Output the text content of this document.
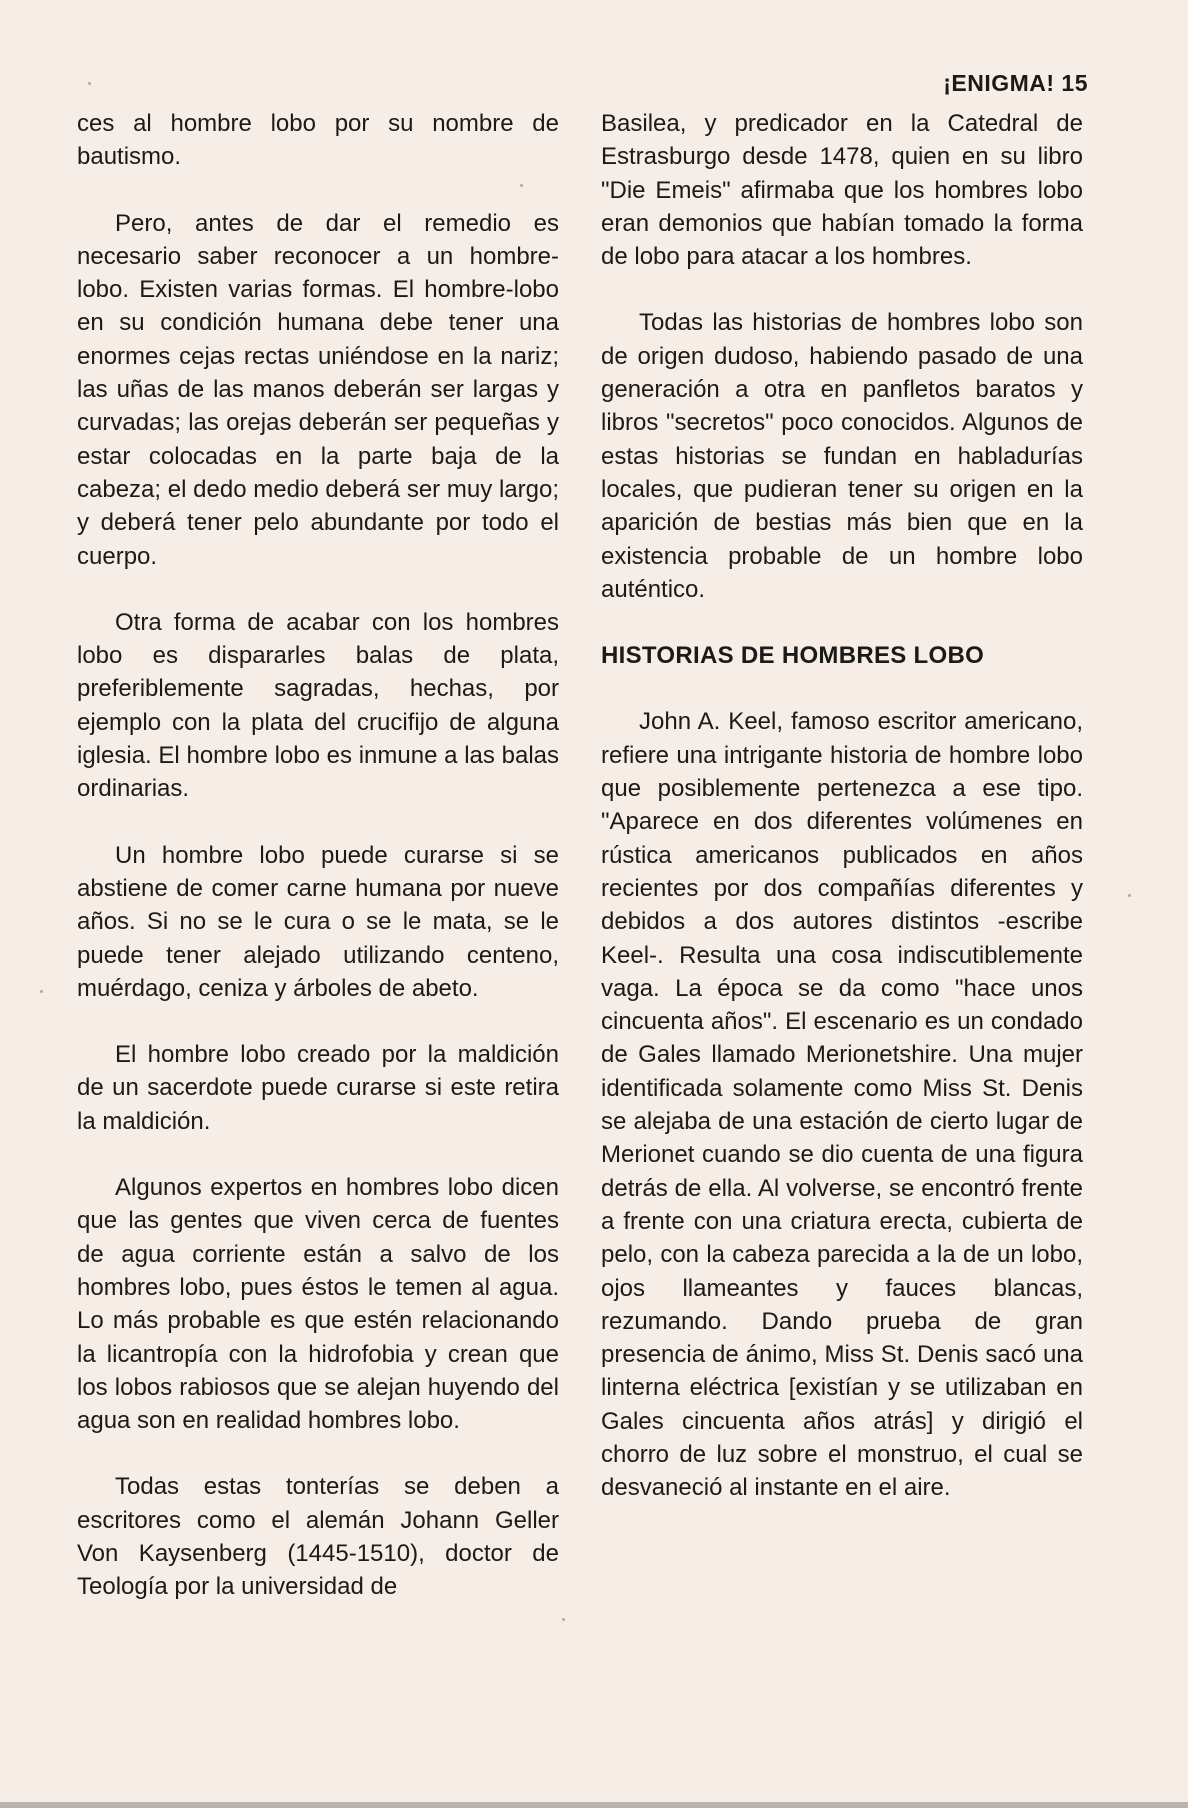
¡ENIGMA! 15

ces al hombre lobo por su nombre de bautismo.

Pero, antes de dar el remedio es necesario saber reconocer a un hombre-lobo. Existen varias formas. El hombre-lobo en su condición humana debe tener una enormes cejas rectas uniéndose en la nariz; las uñas de las manos deberán ser largas y curvadas; las orejas deberán ser pequeñas y estar colocadas en la parte baja de la cabeza; el dedo medio deberá ser muy largo; y deberá tener pelo abundante por todo el cuerpo.

Otra forma de acabar con los hombres lobo es dispararles balas de plata, preferiblemente sagradas, hechas, por ejemplo con la plata del crucifijo de alguna iglesia. El hombre lobo es inmune a las balas ordinarias.

Un hombre lobo puede curarse si se abstiene de comer carne humana por nueve años. Si no se le cura o se le mata, se le puede tener alejado utilizando centeno, muérdago, ceniza y árboles de abeto.

El hombre lobo creado por la maldición de un sacerdote puede curarse si este retira la maldición.

Algunos expertos en hombres lobo dicen que las gentes que viven cerca de fuentes de agua corriente están a salvo de los hombres lobo, pues éstos le temen al agua. Lo más probable es que estén relacionando la licantropía con la hidrofobia y crean que los lobos rabiosos que se alejan huyendo del agua son en realidad hombres lobo.

Todas estas tonterías se deben a escritores como el alemán Johann Geller Von Kaysenberg (1445-1510), doctor de Teología por la universidad de

Basilea, y predicador en la Catedral de Estrasburgo desde 1478, quien en su libro "Die Emeis" afirmaba que los hombres lobo eran demonios que habían tomado la forma de lobo para atacar a los hombres.

Todas las historias de hombres lobo son de origen dudoso, habiendo pasado de una generación a otra en panfletos baratos y libros "secretos" poco conocidos. Algunos de estas historias se fundan en habladurías locales, que pudieran tener su origen en la aparición de bestias más bien que en la existencia probable de un hombre lobo auténtico.

HISTORIAS DE HOMBRES LOBO

John A. Keel, famoso escritor americano, refiere una intrigante historia de hombre lobo que posiblemente pertenezca a ese tipo. "Aparece en dos diferentes volúmenes en rústica americanos publicados en años recientes por dos compañías diferentes y debidos a dos autores distintos -escribe Keel-. Resulta una cosa indiscutiblemente vaga. La época se da como "hace unos cincuenta años". El escenario es un condado de Gales llamado Merionetshire. Una mujer identificada solamente como Miss St. Denis se alejaba de una estación de cierto lugar de Merionet cuando se dio cuenta de una figura detrás de ella. Al volverse, se encontró frente a frente con una criatura erecta, cubierta de pelo, con la cabeza parecida a la de un lobo, ojos llameantes y fauces blancas, rezumando. Dando prueba de gran presencia de ánimo, Miss St. Denis sacó una linterna eléctrica [existían y se utilizaban en Gales cincuenta años atrás] y dirigió el chorro de luz sobre el monstruo, el cual se desvaneció al instante en el aire.
